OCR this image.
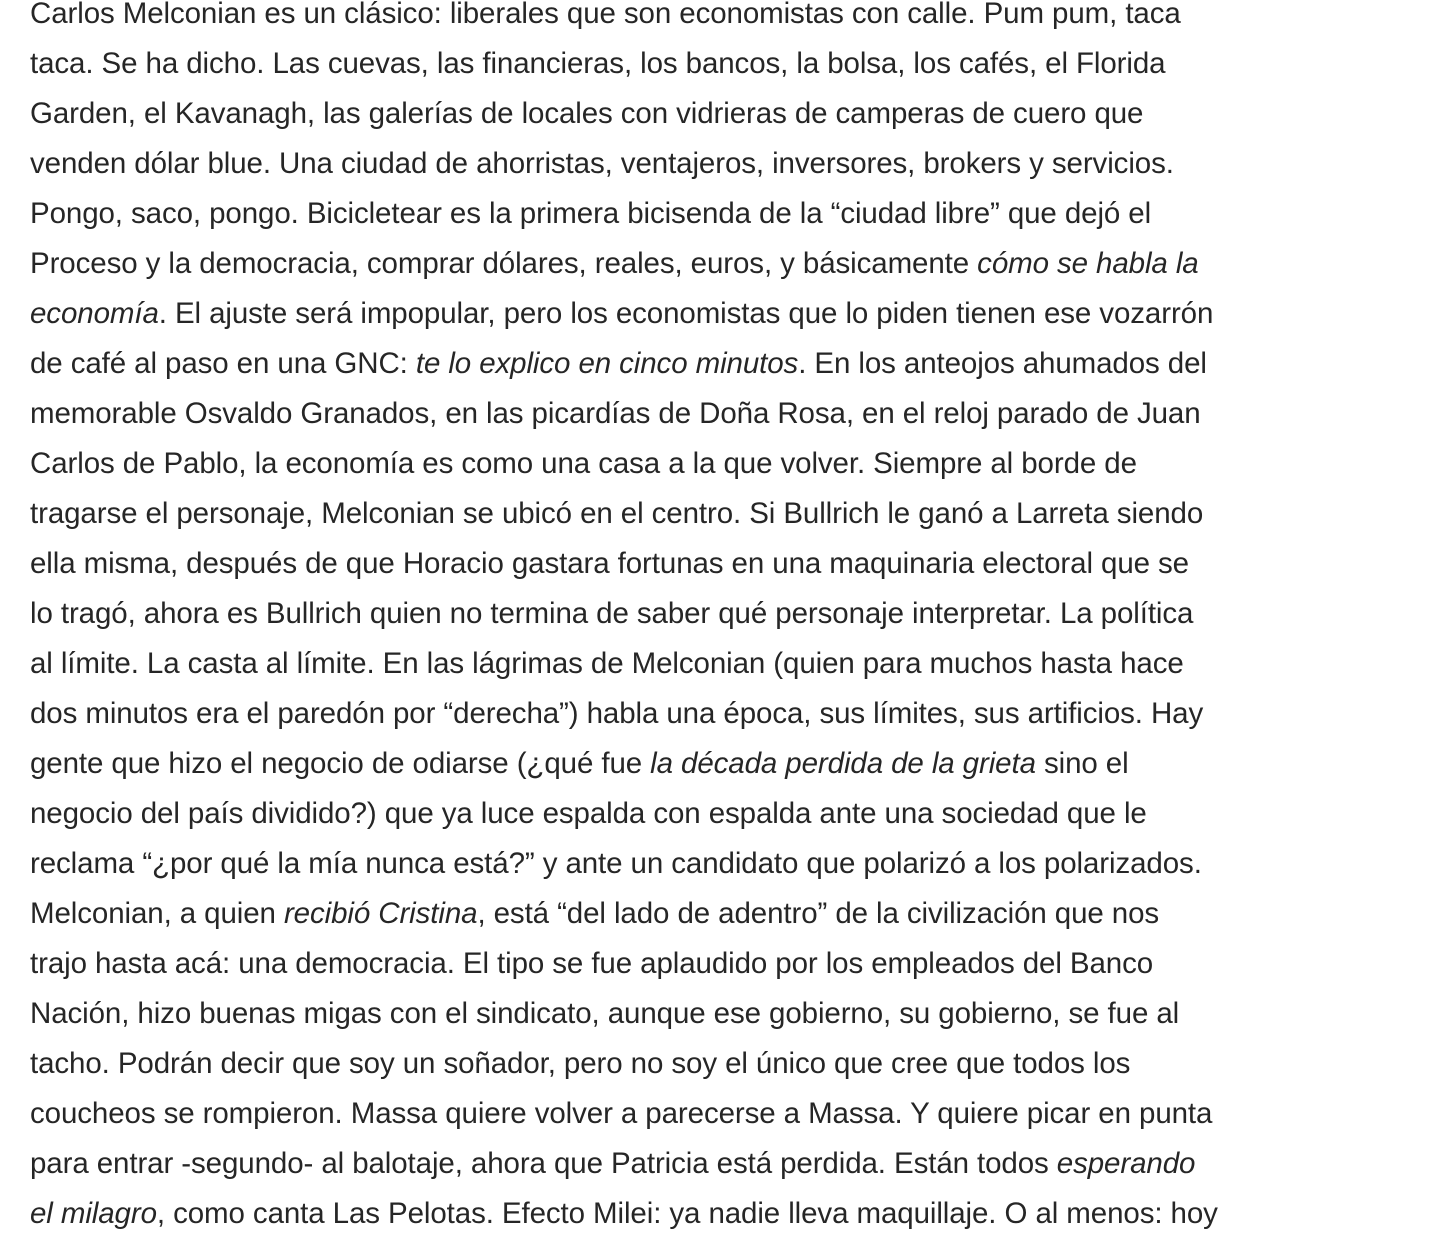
Carlos Melconian es un clásico: liberales que son economistas con calle. Pum pum, taca
taca. Se ha dicho. Las cuevas, las financieras, los bancos, la bolsa, los cafés, el Florida
Garden, el Kavanagh, las galerías de locales con vidrieras de camperas de cuero que
venden dólar blue. Una ciudad de ahorristas, ventajeros, inversores, brokers y servicios.
Pongo, saco, pongo. Bicicletear es la primera bicisenda de la “ciudad libre” que dejó el
Proceso y la democracia, comprar dólares, reales, euros, y básicamente cómo se habla la
economía. El ajuste será impopular, pero los economistas que lo piden tienen ese vozarrón
de café al paso en una GNC: te lo explico en cinco minutos. En los anteojos ahumados del
memorable Osvaldo Granados, en las picardías de Doña Rosa, en el reloj parado de Juan
Carlos de Pablo, la economía es como una casa a la que volver. Siempre al borde de
tragarse el personaje, Melconian se ubicó en el centro. Si Bullrich le ganó a Larreta siendo
ella misma, después de que Horacio gastara fortunas en una maquinaria electoral que se
lo tragó, ahora es Bullrich quien no termina de saber qué personaje interpretar. La política
al límite. La casta al límite. En las lágrimas de Melconian (quien para muchos hasta hace
dos minutos era el paredón por “derecha”) habla una época, sus límites, sus artificios. Hay
gente que hizo el negocio de odiarse (¿qué fue la década perdida de la grieta sino el
negocio del país dividido?) que ya luce espalda con espalda ante una sociedad que le
reclama “¿por qué la mía nunca está?” y ante un candidato que polarizó a los polarizados.
Melconian, a quien recibió Cristina, está “del lado de adentro” de la civilización que nos
trajo hasta acá: una democracia. El tipo se fue aplaudido por los empleados del Banco
Nación, hizo buenas migas con el sindicato, aunque ese gobierno, su gobierno, se fue al
tacho. Podrán decir que soy un soñador, pero no soy el único que cree que todos los
coucheos se rompieron. Massa quiere volver a parecerse a Massa. Y quiere picar en punta
para entrar -segundo- al balotaje, ahora que Patricia está perdida. Están todos esperando
el milagro, como canta Las Pelotas. Efecto Milei: ya nadie lleva maquillaje. O al menos: hoy
